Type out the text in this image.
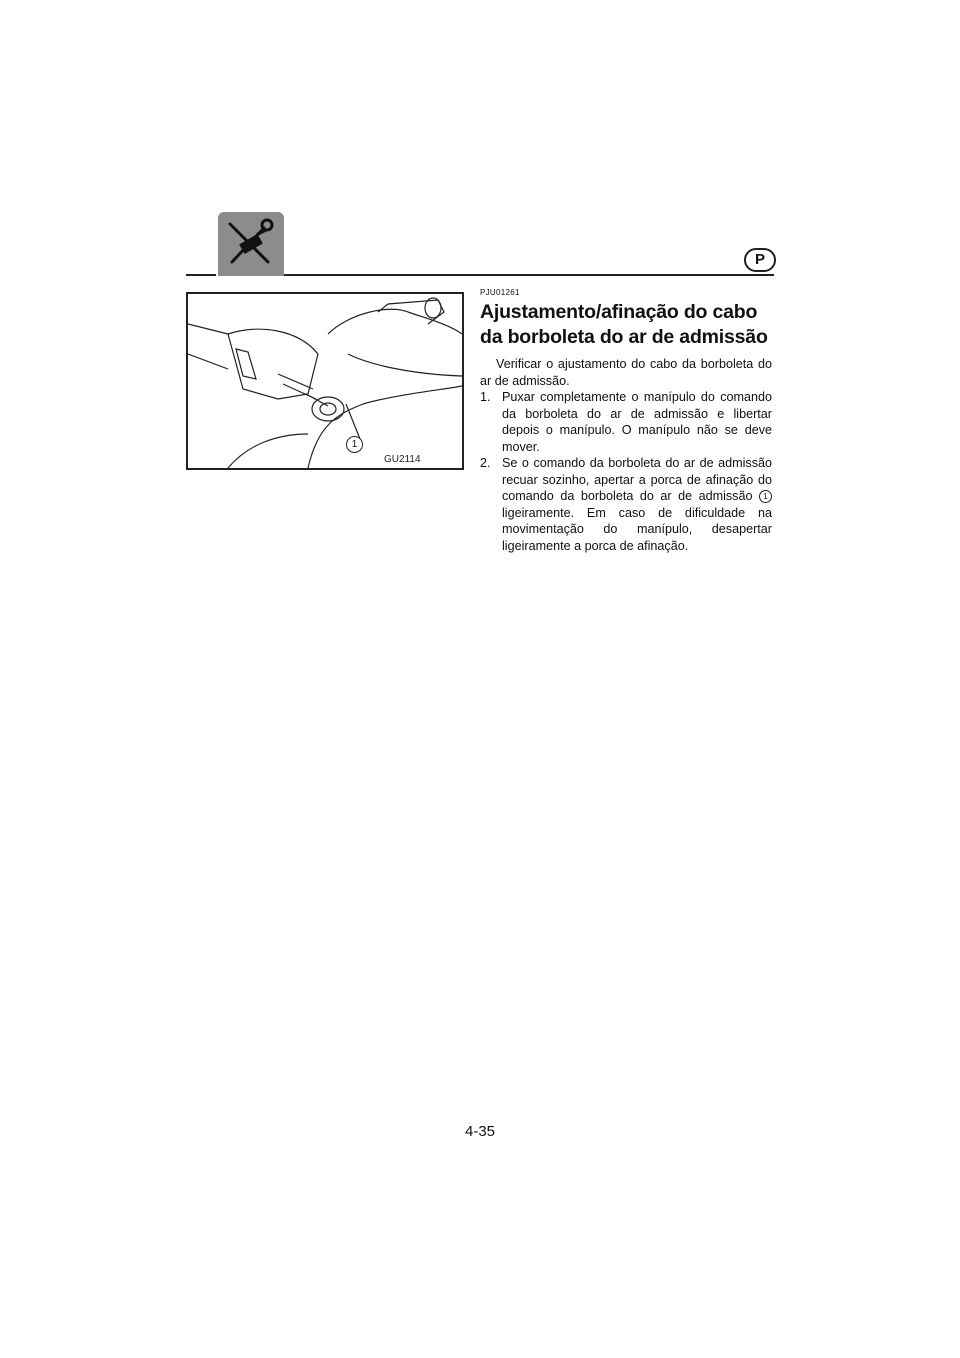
P
GU2114
1
PJU01261
Ajustamento/afinação do cabo da borboleta do ar de admissão

Verificar o ajustamento do cabo da borboleta do ar de admissão.

1. Puxar completamente o manípulo do comando da borboleta do ar de admissão e libertar depois o manípulo. O manípulo não se deve mover.
2. Se o comando da borboleta do ar de admissão recuar sozinho, apertar a porca de afinação do comando da borboleta do ar de admissão 1 ligeiramente. Em caso de dificuldade na movimentação do manípulo, desapertar ligeiramente a porca de afinação.
4-35
